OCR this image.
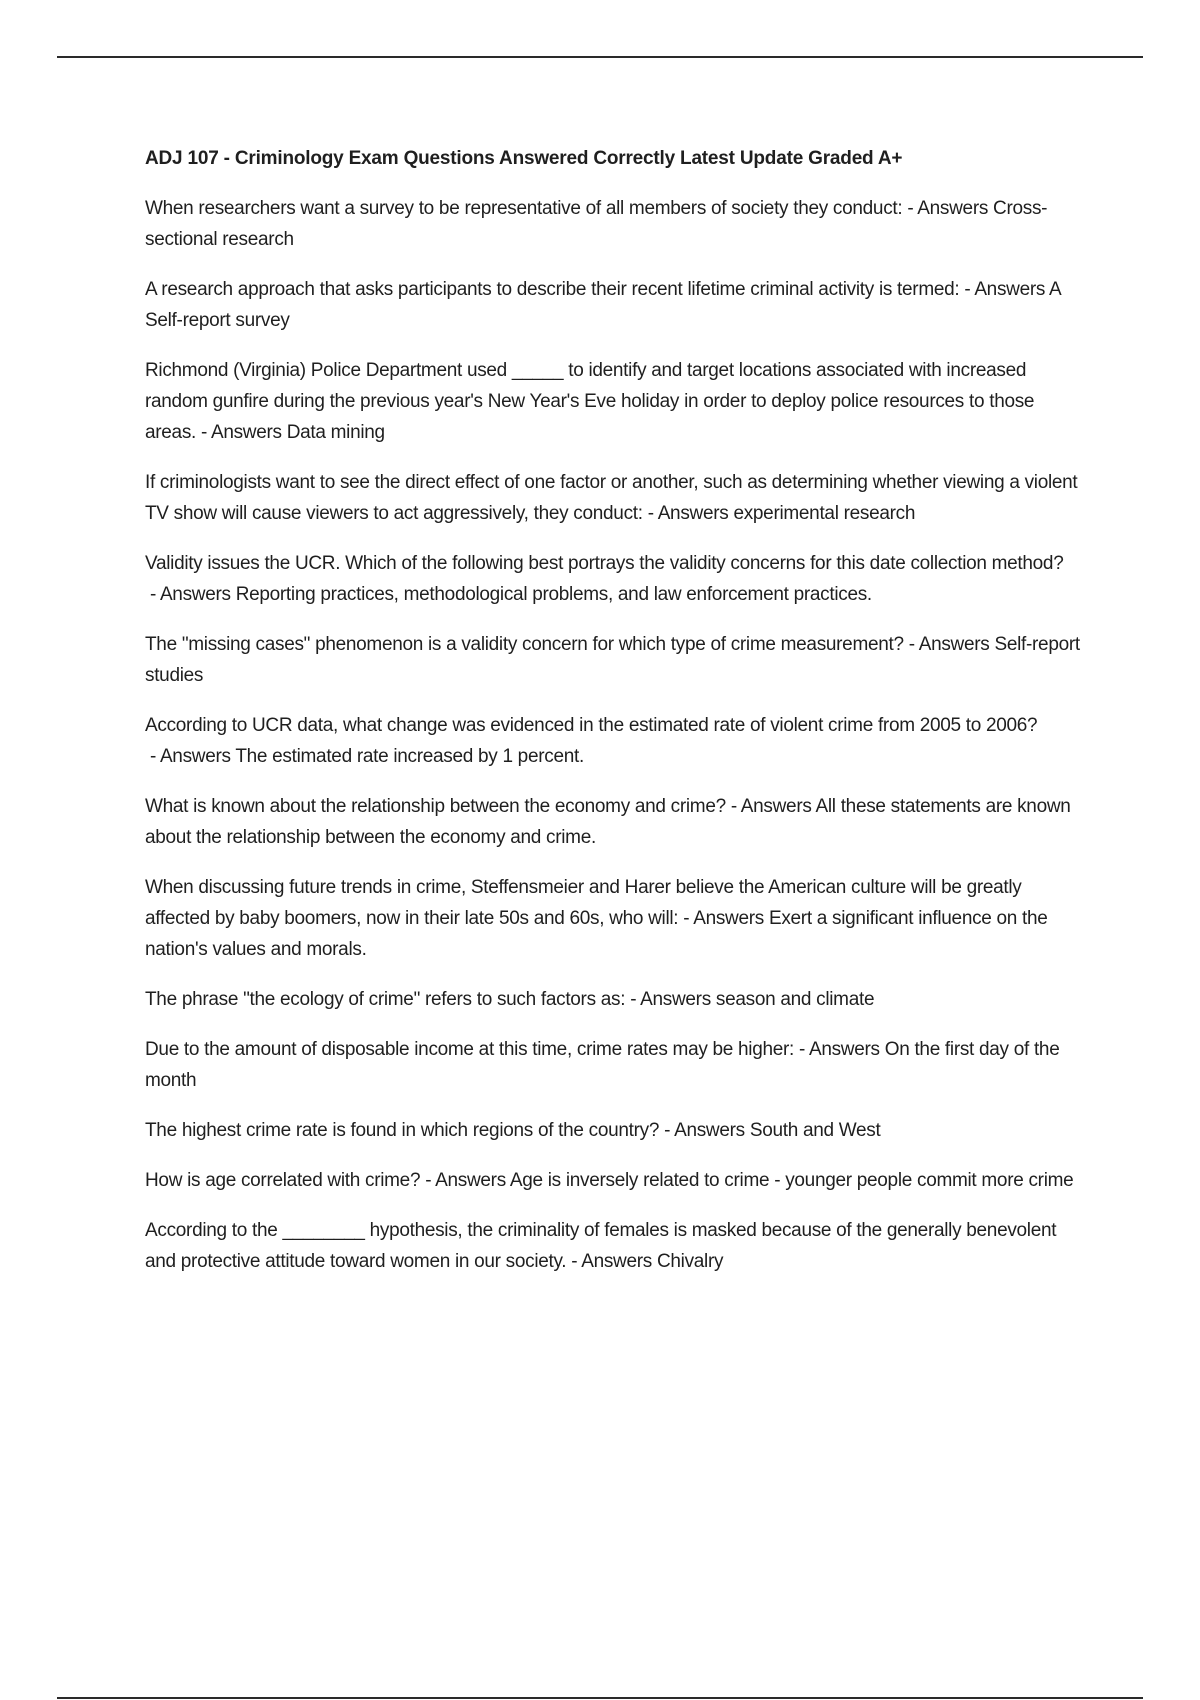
ADJ 107 - Criminology Exam Questions Answered Correctly Latest Update Graded A+
When researchers want a survey to be representative of all members of society they conduct: - Answers Cross-sectional research
A research approach that asks participants to describe their recent lifetime criminal activity is termed: - Answers A Self-report survey
Richmond (Virginia) Police Department used _____ to identify and target locations associated with increased random gunfire during the previous year's New Year's Eve holiday in order to deploy police resources to those areas. - Answers Data mining
If criminologists want to see the direct effect of one factor or another, such as determining whether viewing a violent TV show will cause viewers to act aggressively, they conduct: - Answers experimental research
Validity issues the UCR. Which of the following best portrays the validity concerns for this date collection method? - Answers Reporting practices, methodological problems, and law enforcement practices.
The "missing cases" phenomenon is a validity concern for which type of crime measurement? - Answers Self-report studies
According to UCR data, what change was evidenced in the estimated rate of violent crime from 2005 to 2006? - Answers The estimated rate increased by 1 percent.
What is known about the relationship between the economy and crime? - Answers All these statements are known about the relationship between the economy and crime.
When discussing future trends in crime, Steffensmeier and Harer believe the American culture will be greatly affected by baby boomers, now in their late 50s and 60s, who will: - Answers Exert a significant influence on the nation's values and morals.
The phrase "the ecology of crime" refers to such factors as: - Answers season and climate
Due to the amount of disposable income at this time, crime rates may be higher: - Answers On the first day of the month
The highest crime rate is found in which regions of the country? - Answers South and West
How is age correlated with crime? - Answers Age is inversely related to crime - younger people commit more crime
According to the ________ hypothesis, the criminality of females is masked because of the generally benevolent and protective attitude toward women in our society. - Answers Chivalry
